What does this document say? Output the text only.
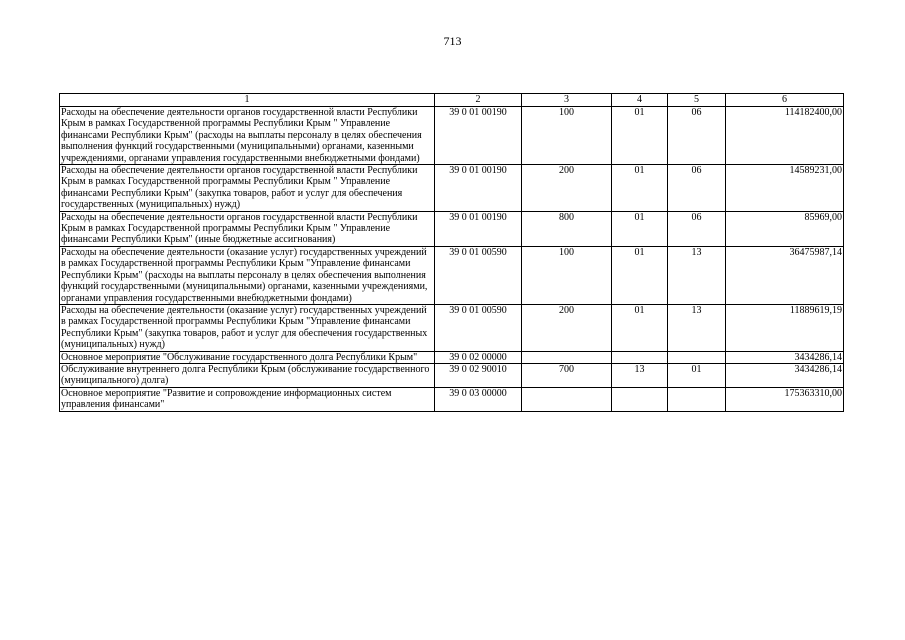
713
1	2	3	4	5	6
Расходы на обеспечение деятельности органов государственной власти Республики Крым в рамках Государственной программы Республики Крым " Управление финансами Республики Крым" (расходы на выплаты персоналу в целях обеспечения выполнения функций государственными (муниципальными) органами, казенными учреждениями, органами управления государственными внебюджетными фондами)	39 0 01 00190	100	01	06	114182400,00
Расходы на обеспечение деятельности органов государственной власти Республики Крым в рамках Государственной программы Республики Крым " Управление финансами Республики Крым" (закупка товаров, работ и услуг для обеспечения государственных (муниципальных) нужд)	39 0 01 00190	200	01	06	14589231,00
Расходы на обеспечение деятельности органов государственной власти Республики Крым в рамках Государственной программы Республики Крым " Управление финансами Республики Крым" (иные бюджетные ассигнования)	39 0 01 00190	800	01	06	85969,00
Расходы на обеспечение деятельности (оказание услуг) государственных учреждений в рамках Государственной программы Республики Крым "Управление финансами Республики Крым" (расходы на выплаты персоналу в целях обеспечения выполнения функций государственными (муниципальными) органами, казенными учреждениями, органами управления государственными внебюджетными фондами)	39 0 01 00590	100	01	13	36475987,14
Расходы на обеспечение деятельности (оказание услуг) государственных учреждений в рамках Государственной программы Республики Крым "Управление финансами Республики Крым" (закупка товаров, работ и услуг для обеспечения государственных (муниципальных) нужд)	39 0 01 00590	200	01	13	11889619,19
Основное мероприятие "Обслуживание государственного долга Республики Крым"	39 0 02 00000				3434286,14
Обслуживание внутреннего долга Республики Крым (обслуживание государственного (муниципального) долга)	39 0 02 90010	700	13	01	3434286,14
Основное мероприятие "Развитие и сопровождение информационных систем управления финансами"	39 0 03 00000				175363310,00
